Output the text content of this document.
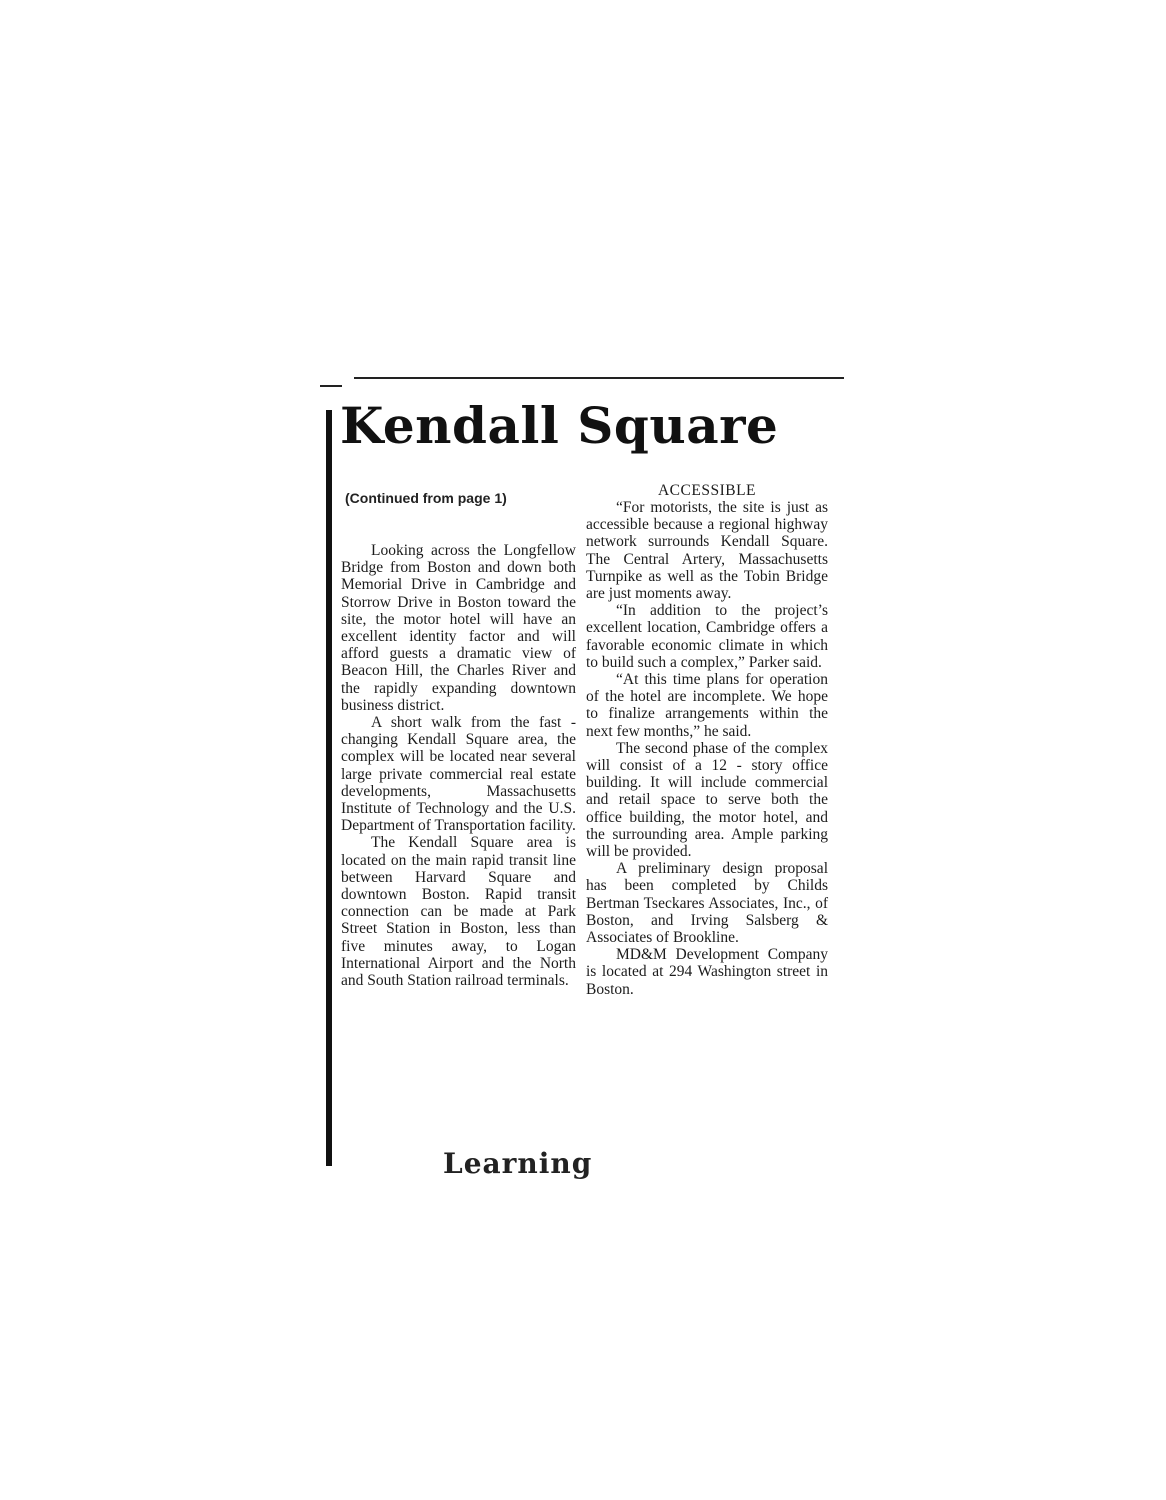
Kendall Square
(Continued from page 1)

Looking across the Longfellow Bridge from Boston and down both Memorial Drive in Cambridge and Storrow Drive in Boston toward the site, the motor hotel will have an excellent identity factor and will afford guests a dramatic view of Beacon Hill, the Charles River and the rapidly expanding downtown business district.

A short walk from the fast - changing Kendall Square area, the complex will be located near several large private commercial real estate developments, Massachusetts Institute of Technology and the U.S. Department of Transportation facility.

The Kendall Square area is located on the main rapid transit line between Harvard Square and downtown Boston. Rapid transit connection can be made at Park Street Station in Boston, less than five minutes away, to Logan International Airport and the North and South Station railroad terminals.

ACCESSIBLE

“For motorists, the site is just as accessible because a regional highway network surrounds Kendall Square. The Central Artery, Massachusetts Turnpike as well as the Tobin Bridge are just moments away.

“In addition to the project’s excellent location, Cambridge offers a favorable economic climate in which to build such a complex,” Parker said.

“At this time plans for operation of the hotel are incomplete. We hope to finalize arrangements within the next few months,” he said.

The second phase of the complex will consist of a 12 - story office building. It will include commercial and retail space to serve both the office building, the motor hotel, and the surrounding area. Ample parking will be provided.

A preliminary design proposal has been completed by Childs Bertman Tseckares Associates, Inc., of Boston, and Irving Salsberg & Associates of Brookline.

MD&M Development Company is located at 294 Washington street in Boston.

Learning
